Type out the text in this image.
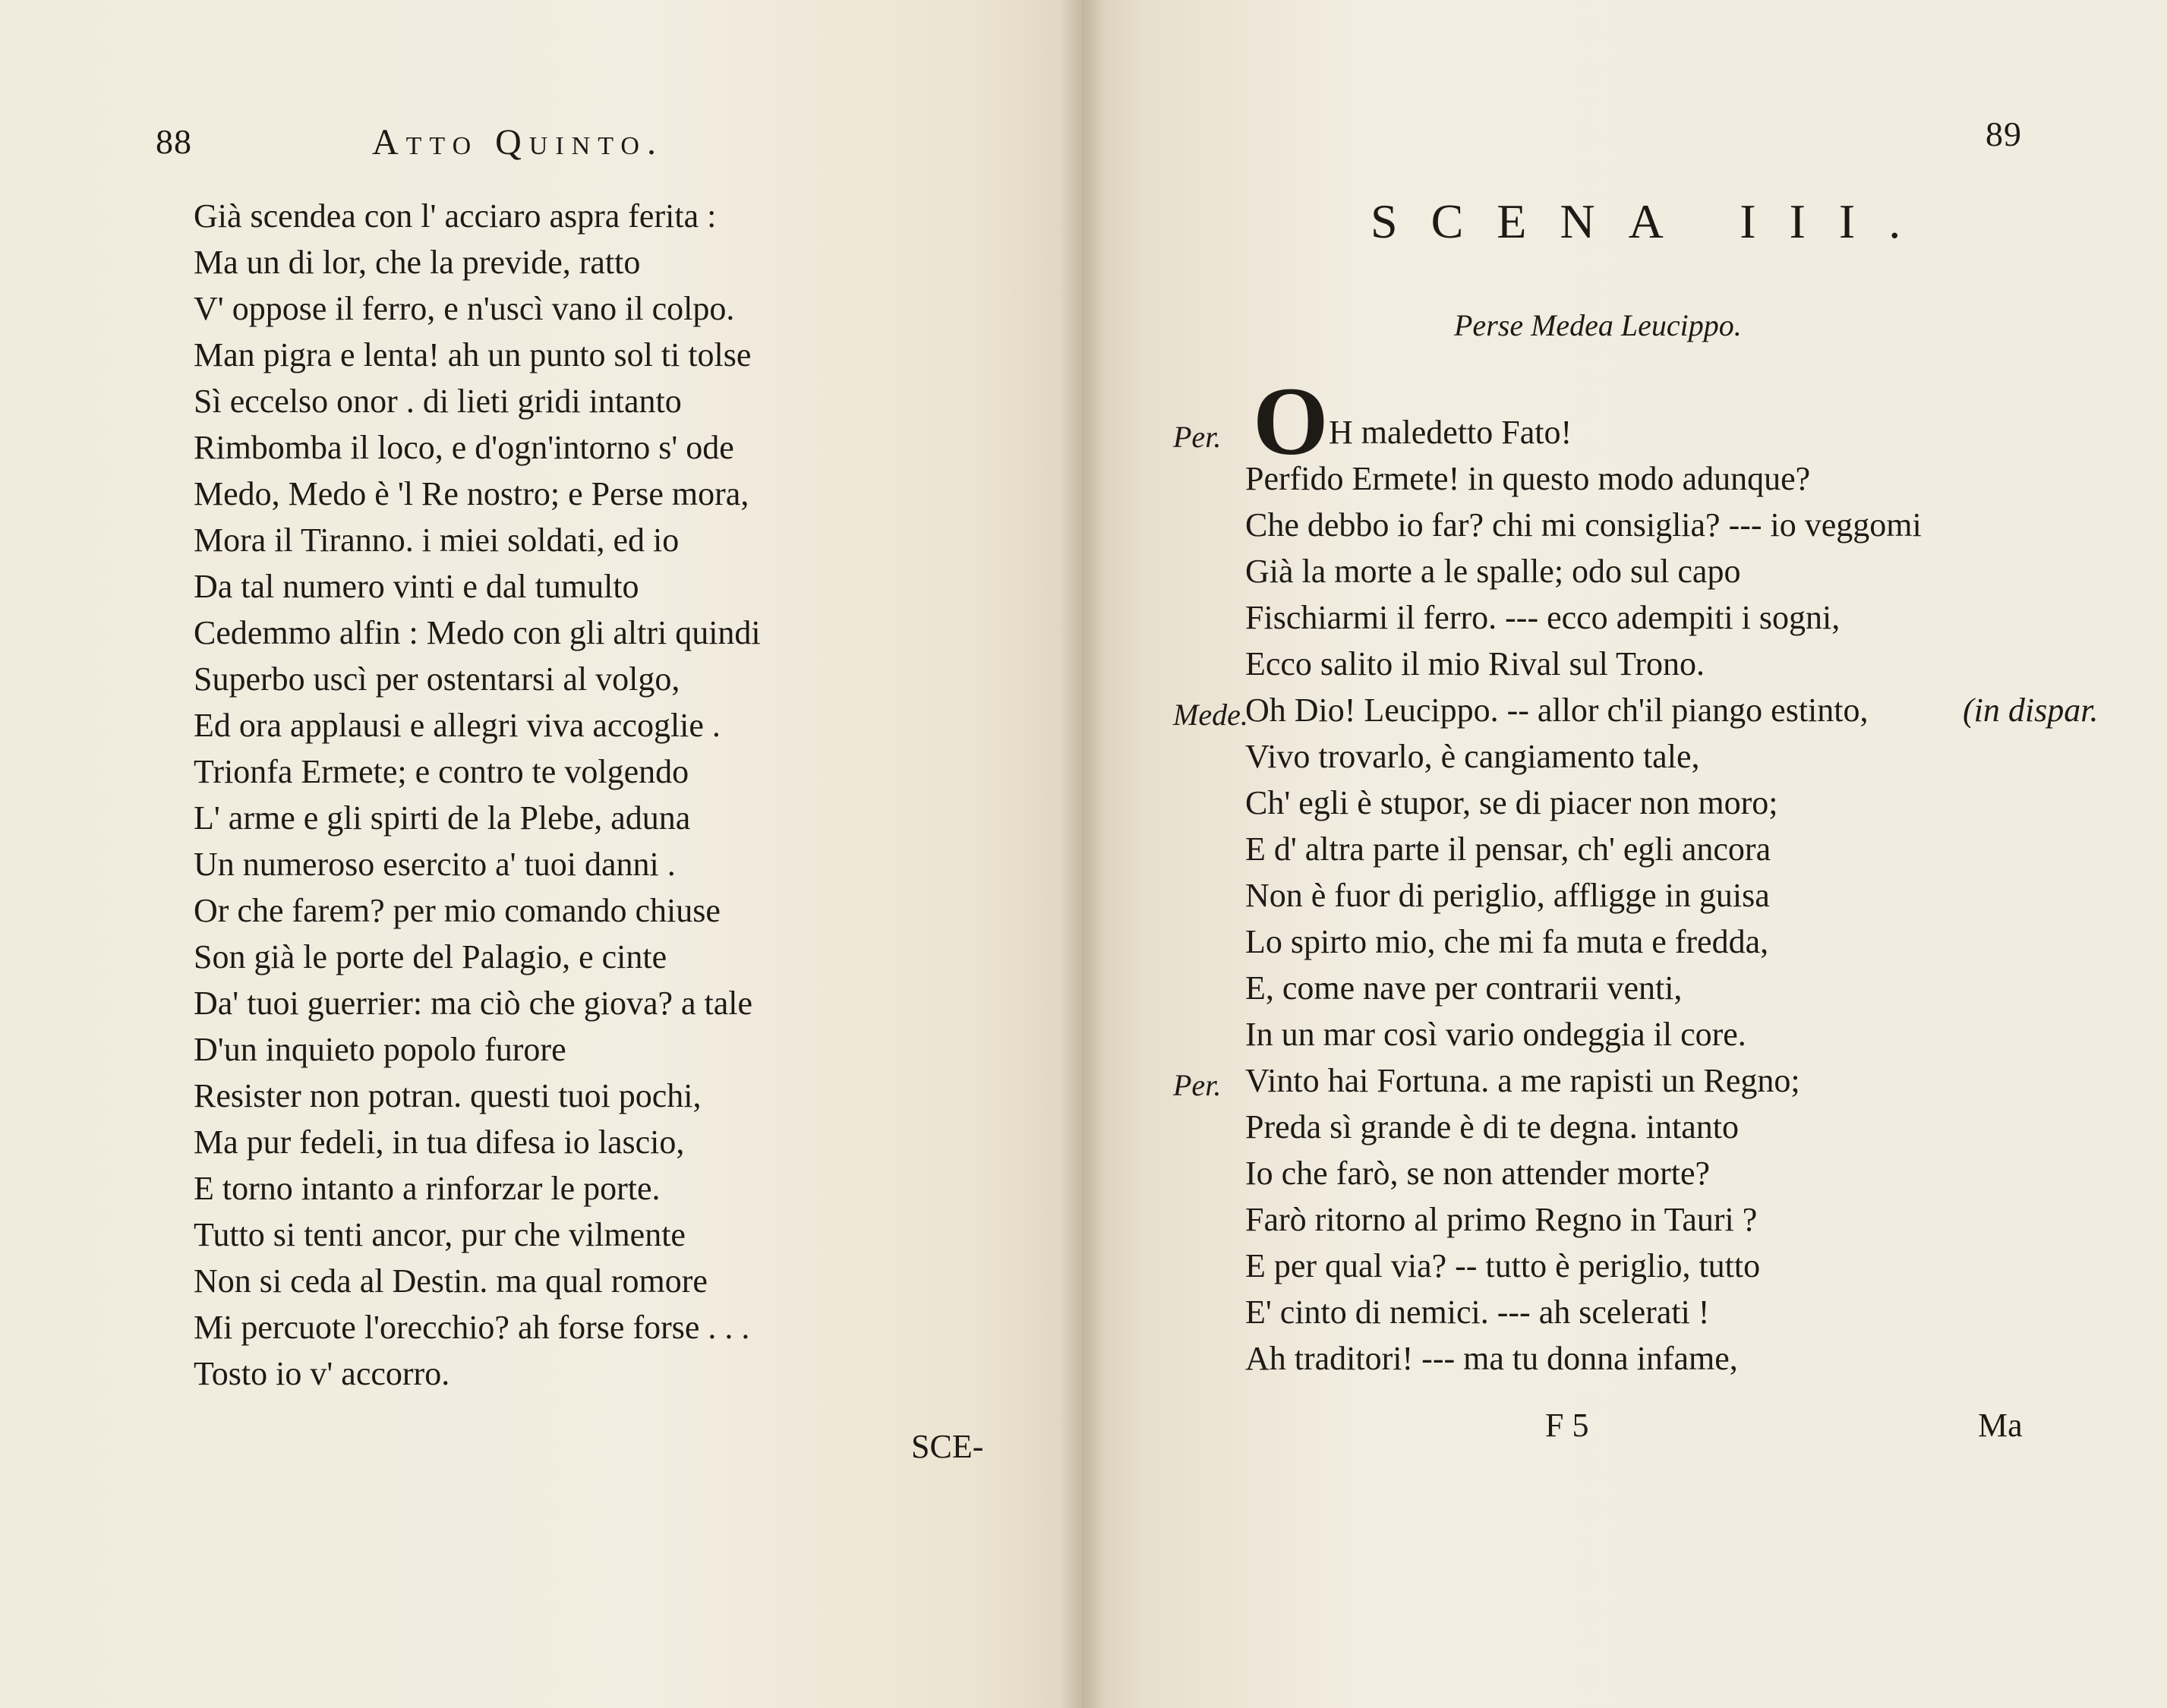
88	Atto Quinto.
Già scendea con l' acciaro aspra ferita :
Ma un di lor, che la previde, ratto
V' oppose il ferro, e n'uscì vano il colpo.
Man pigra e lenta! ah un punto sol ti tolse
Sì eccelso onor . di lieti gridi intanto
Rimbomba il loco, e d'ogn'intorno s' ode
Medo, Medo è 'l Re nostro; e Perse mora,
Mora il Tiranno. i miei soldati, ed io
Da tal numero vinti e dal tumulto
Cedemmo alfin : Medo con gli altri quindi
Superbo uscì per ostentarsi al volgo,
Ed ora applausi e allegri viva accoglie .
Trionfa Ermete; e contro te volgendo
L' arme e gli spirti de la Plebe, aduna
Un numeroso esercito a' tuoi danni .
Or che farem? per mio comando chiuse
Son già le porte del Palagio, e cinte
Da' tuoi guerrier: ma ciò che giova? a tale
D'un inquieto popolo furore
Resister non potran. questi tuoi pochi,
Ma pur fedeli, in tua difesa io lascio,
E torno intanto a rinforzar le porte.
Tutto si tenti ancor, pur che vilmente
Non si ceda al Destin. ma qual romore
Mi percuote l'orecchio? ah forse forse . . .
Tosto io v' accorro.
SCE-
89
SCENA III.
Perse Medea Leucippo.
Per. O H maledetto Fato!
Perfido Ermete! in questo modo adunque?
Che debbo io far? chi mi consiglia? --- io veggomi
Già la morte a le spalle; odo sul capo
Fischiarmi il ferro. --- ecco adempiti i sogni,
Ecco salito il mio Rival sul Trono.
Mede.
Oh Dio! Leucippo. -- allor ch'il piango estinto,	(in dispar.
Vivo trovarlo, è cangiamento tale,
Ch' egli è stupor, se di piacer non moro;
E d' altra parte il pensar, ch' egli ancora
Non è fuor di periglio, affligge in guisa
Lo spirto mio, che mi fa muta e fredda,
E, come nave per contrarii venti,
In un mar così vario ondeggia il core.
Per. Vinto hai Fortuna. a me rapisti un Regno;
Preda sì grande è di te degna. intanto
Io che farò, se non attender morte?
Farò ritorno al primo Regno in Tauri ?
E per qual via? -- tutto è periglio, tutto
E' cinto di nemici. --- ah scelerati !
Ah traditori! --- ma tu donna infame,
F 5	Ma
